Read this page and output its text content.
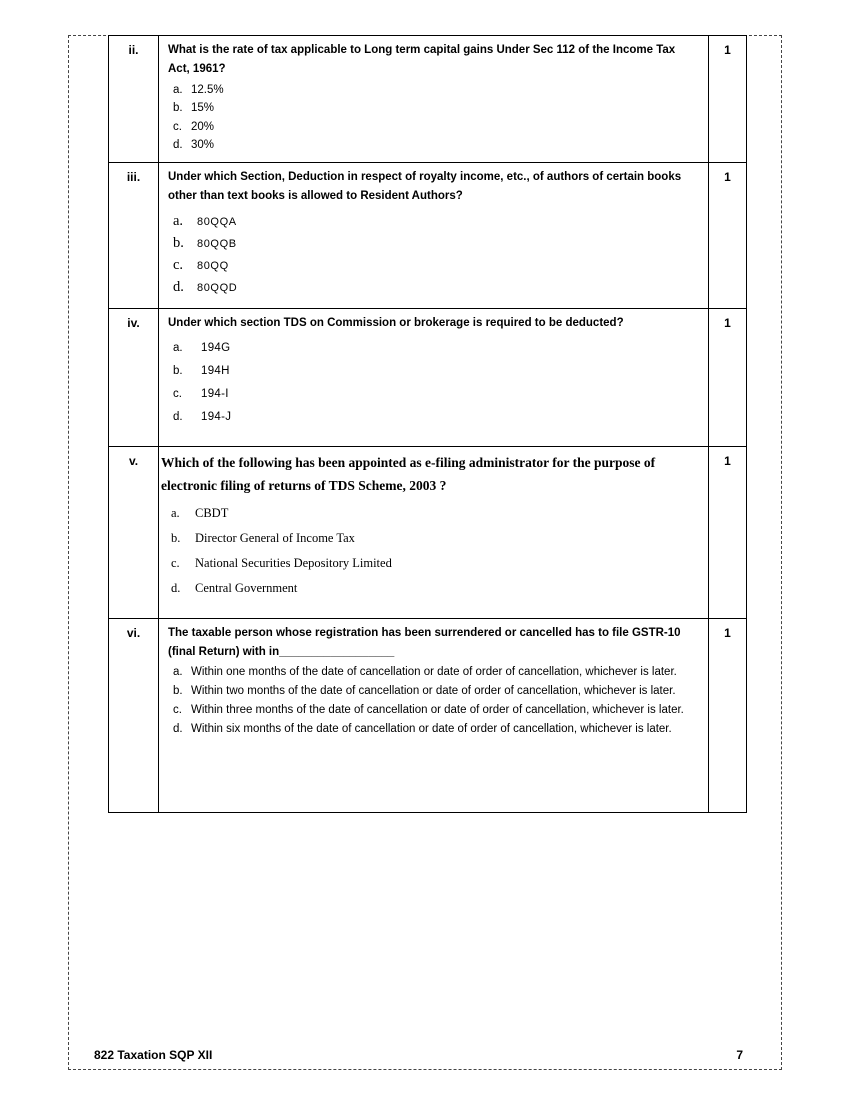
ii.	What is the rate of tax applicable to Long term capital gains Under Sec 112 of the Income Tax Act, 1961?
a. 12.5%
b. 15%
c. 20%
d. 30%
	1
iii.	Under which Section, Deduction in respect of royalty income, etc., of authors of certain books other than text books is allowed to Resident Authors?
a.	80QQA
b.	80QQB
c.	80QQ
d.	80QQD
	1
iv.	Under which section TDS on Commission or brokerage is required to be deducted?
a.	194G
b.	194H
c.	194-I
d.	194-J
	1
v.	Which of the following has been appointed as e-filing administrator for the purpose of electronic filing of returns of TDS Scheme, 2003 ?
a.	CBDT
b.	Director General of Income Tax
c.	National Securities Depository Limited
d.	Central Government
	1
vi.	The taxable person whose registration has been surrendered or cancelled has to file GSTR-10 (final Return) with in__________________
a. Within one months of the date of cancellation or date of order of cancellation, whichever is later.
b. Within two months of the date of cancellation or date of order of cancellation, whichever is later.
c. Within three months of the date of cancellation or date of order of cancellation, whichever is later.
d. Within six months of the date of cancellation or date of order of cancellation, whichever is later.
	1
822 Taxation SQP XII	7
